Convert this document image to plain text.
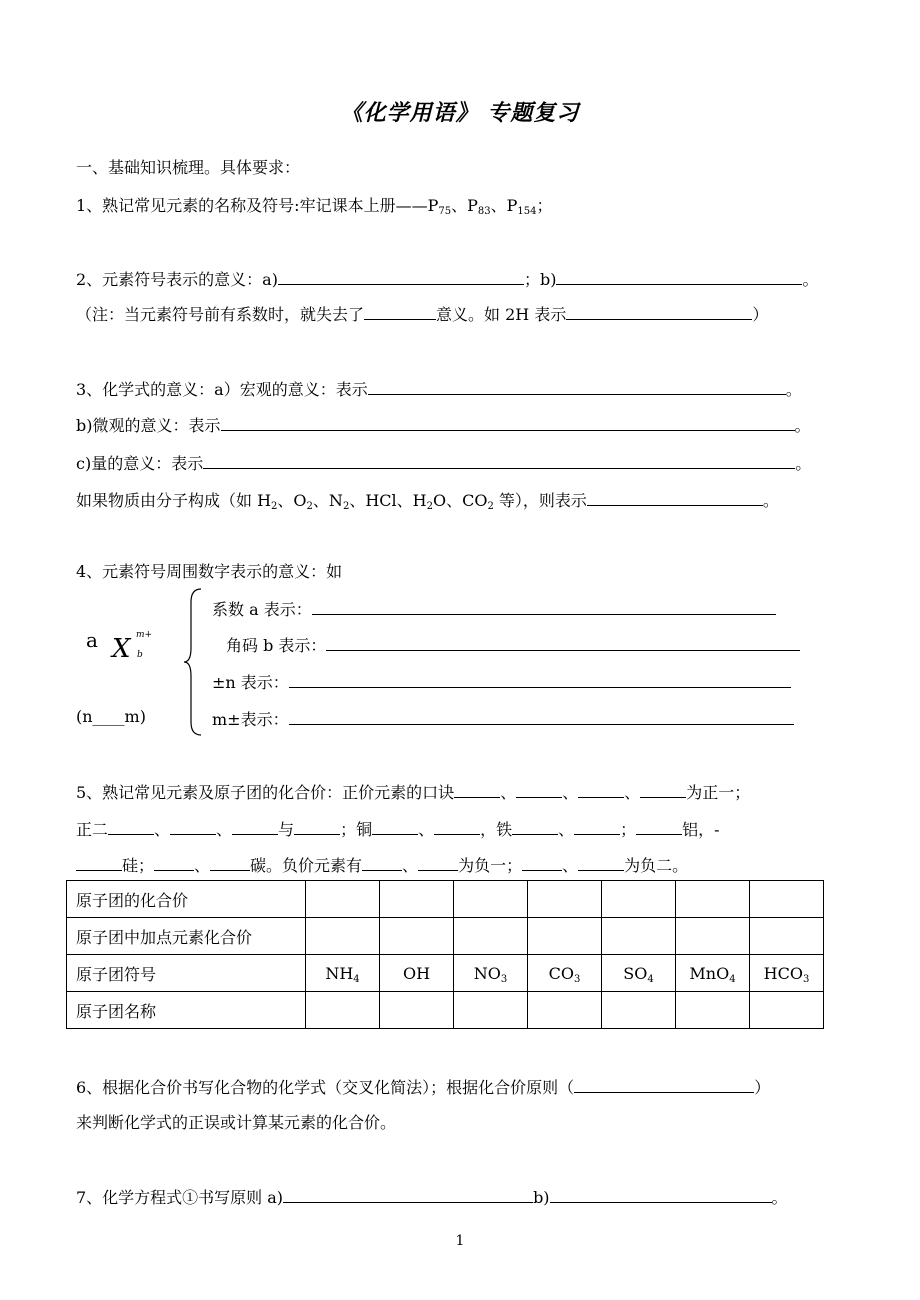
《化学用语》 专题复习
一、基础知识梳理。具体要求：
1、熟记常见元素的名称及符号:牢记课本上册$——P_{75}$、$P_{83}$、$P_{154}$；
2、元素符号表示的意义：a)	；b)	。
（注：当元素符号前有系数时，就失去了	意义。如 2H 表示	）
3、化学式的意义：a）宏观的意义：表示	。
b)微观的意义：表示	。
c)量的意义：表示	。
如果物质由分子构成（如 $H_2$、$O_2$、$N_2$、HCl、$H_2O$、$CO_2$ 等），则表示	。
4、元素符号周围数字表示的意义：如
a X m+
b
(n____m)
系数 a 表示：
角码 b 表示：
±n 表示：
m±表示：
5、熟记常见元素及原子团的化合价：正价元素的口诀	、	、	、	为正一；
正二	、	、	与	；铜	、	，铁	、	；	铝，-
硅；	、	碳。负价元素有	、	为负一；	、	为负二。
原子团的化合价							
原子团中加点元素化合价							
原子团符号	$NH_4$	OH	$NO_3$	$CO_3$	$SO_4$	MnO$_4$	$HCO_3$
原子团名称							
6、根据化合价书写化合物的化学式（交叉化简法）；根据化合价原则（	）
来判断化学式的正误或计算某元素的化合价。
7、化学方程式①书写原则 a)	b)	。
1
